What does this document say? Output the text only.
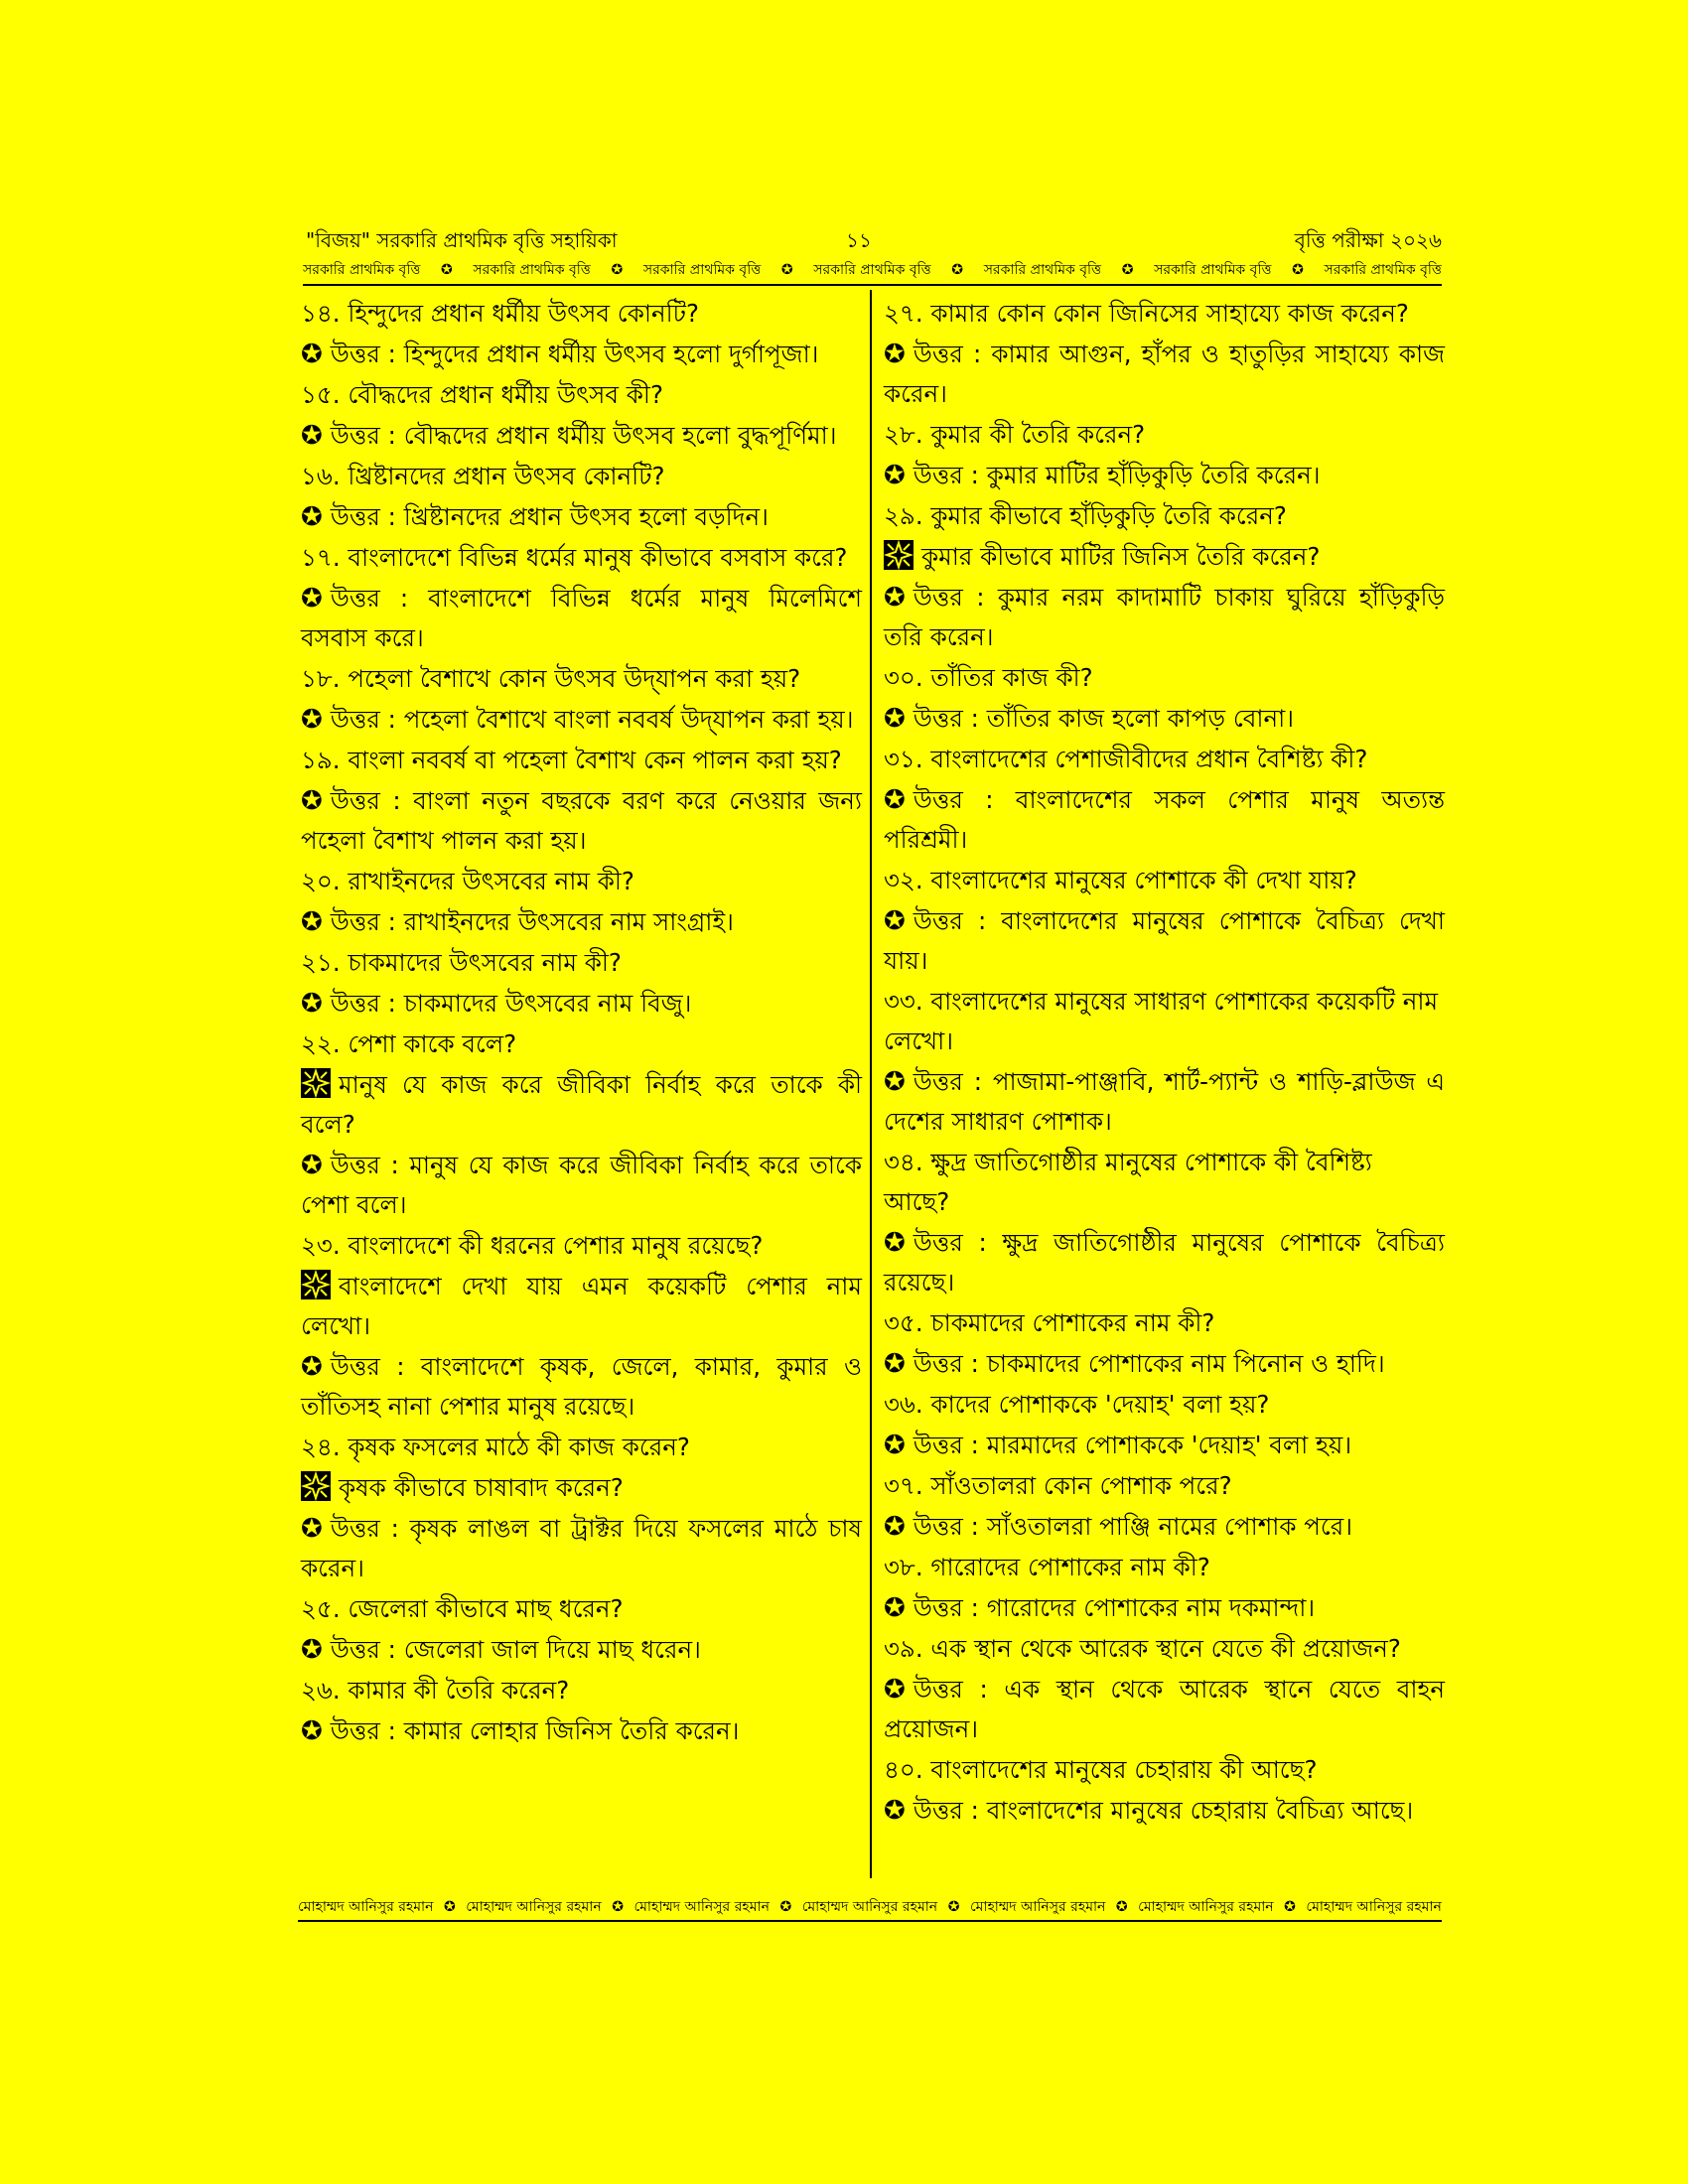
"বিজয়" সরকারি প্রাথমিক বৃত্তি সহায়িকা	১১	বৃত্তি পরীক্ষা ২০২৬
সরকারি প্রাথমিক বৃত্তি ✪ সরকারি প্রাথমিক বৃত্তি ✪ সরকারি প্রাথমিক বৃত্তি ✪ সরকারি প্রাথমিক বৃত্তি ✪ সরকারি প্রাথমিক বৃত্তি ✪ সরকারি প্রাথমিক বৃত্তি ✪ সরকারি প্রাথমিক বৃত্তি
১৪. হিন্দুদের প্রধান ধর্মীয় উৎসব কোনটি?
✪ উত্তর : হিন্দুদের প্রধান ধর্মীয় উৎসব হলো দুর্গাপূজা।
১৫. বৌদ্ধদের প্রধান ধর্মীয় উৎসব কী?
✪ উত্তর : বৌদ্ধদের প্রধান ধর্মীয় উৎসব হলো বুদ্ধপূর্ণিমা।
১৬. খ্রিষ্টানদের প্রধান উৎসব কোনটি?
✪ উত্তর : খ্রিষ্টানদের প্রধান উৎসব হলো বড়দিন।
১৭. বাংলাদেশে বিভিন্ন ধর্মের মানুষ কীভাবে বসবাস করে?
✪ উত্তর : বাংলাদেশে বিভিন্ন ধর্মের মানুষ মিলেমিশে বসবাস করে।
১৮. পহেলা বৈশাখে কোন উৎসব উদ্‌যাপন করা হয়?
✪ উত্তর : পহেলা বৈশাখে বাংলা নববর্ষ উদ্‌যাপন করা হয়।
১৯. বাংলা নববর্ষ বা পহেলা বৈশাখ কেন পালন করা হয়?
✪ উত্তর : বাংলা নতুন বছরকে বরণ করে নেওয়ার জন্য পহেলা বৈশাখ পালন করা হয়।
২০. রাখাইনদের উৎসবের নাম কী?
✪ উত্তর : রাখাইনদের উৎসবের নাম সাংগ্রাই।
২১. চাকমাদের উৎসবের নাম কী?
✪ উত্তর : চাকমাদের উৎসবের নাম বিজু।
২২. পেশা কাকে বলে?
মানুষ যে কাজ করে জীবিকা নির্বাহ করে তাকে কী বলে?
✪ উত্তর : মানুষ যে কাজ করে জীবিকা নির্বাহ করে তাকে পেশা বলে।
২৩. বাংলাদেশে কী ধরনের পেশার মানুষ রয়েছে?
বাংলাদেশে দেখা যায় এমন কয়েকটি পেশার নাম লেখো।
✪ উত্তর : বাংলাদেশে কৃষক, জেলে, কামার, কুমার ও তাঁতিসহ নানা পেশার মানুষ রয়েছে।
২৪. কৃষক ফসলের মাঠে কী কাজ করেন?
কৃষক কীভাবে চাষাবাদ করেন?
✪ উত্তর : কৃষক লাঙল বা ট্রাক্টর দিয়ে ফসলের মাঠে চাষ করেন।
২৫. জেলেরা কীভাবে মাছ ধরেন?
✪ উত্তর : জেলেরা জাল দিয়ে মাছ ধরেন।
২৬. কামার কী তৈরি করেন?
✪ উত্তর : কামার লোহার জিনিস তৈরি করেন।
২৭. কামার কোন কোন জিনিসের সাহায্যে কাজ করেন?
✪ উত্তর : কামার আগুন, হাঁপর ও হাতুড়ির সাহায্যে কাজ করেন।
২৮. কুমার কী তৈরি করেন?
✪ উত্তর : কুমার মাটির হাঁড়িকুড়ি তৈরি করেন।
২৯. কুমার কীভাবে হাঁড়িকুড়ি তৈরি করেন?
কুমার কীভাবে মাটির জিনিস তৈরি করেন?
✪ উত্তর : কুমার নরম কাদামাটি চাকায় ঘুরিয়ে হাঁড়িকুড়ি তরি করেন।
৩০. তাঁতির কাজ কী?
✪ উত্তর : তাঁতির কাজ হলো কাপড় বোনা।
৩১. বাংলাদেশের পেশাজীবীদের প্রধান বৈশিষ্ট্য কী?
✪ উত্তর : বাংলাদেশের সকল পেশার মানুষ অত্যন্ত পরিশ্রমী।
৩২. বাংলাদেশের মানুষের পোশাকে কী দেখা যায়?
✪ উত্তর : বাংলাদেশের মানুষের পোশাকে বৈচিত্র্য দেখা যায়।
৩৩. বাংলাদেশের মানুষের সাধারণ পোশাকের কয়েকটি নাম লেখো।
✪ উত্তর : পাজামা-পাঞ্জাবি, শার্ট-প্যান্ট ও শাড়ি-ব্লাউজ এ দেশের সাধারণ পোশাক।
৩৪. ক্ষুদ্র জাতিগোষ্ঠীর মানুষের পোশাকে কী বৈশিষ্ট্য আছে?
✪ উত্তর : ক্ষুদ্র জাতিগোষ্ঠীর মানুষের পোশাকে বৈচিত্র্য রয়েছে।
৩৫. চাকমাদের পোশাকের নাম কী?
✪ উত্তর : চাকমাদের পোশাকের নাম পিনোন ও হাদি।
৩৬. কাদের পোশাককে 'দেয়াহ' বলা হয়?
✪ উত্তর : মারমাদের পোশাককে 'দেয়াহ' বলা হয়।
৩৭. সাঁওতালরা কোন পোশাক পরে?
✪ উত্তর : সাঁওতালরা পাঞ্জি নামের পোশাক পরে।
৩৮. গারোদের পোশাকের নাম কী?
✪ উত্তর : গারোদের পোশাকের নাম দকমান্দা।
৩৯. এক স্থান থেকে আরেক স্থানে যেতে কী প্রয়োজন?
✪ উত্তর : এক স্থান থেকে আরেক স্থানে যেতে বাহন প্রয়োজন।
৪০. বাংলাদেশের মানুষের চেহারায় কী আছে?
✪ উত্তর : বাংলাদেশের মানুষের চেহারায় বৈচিত্র্য আছে।
মোহাম্মদ আনিসুর রহমান ✪ মোহাম্মদ আনিসুর রহমান ✪ মোহাম্মদ আনিসুর রহমান ✪ মোহাম্মদ আনিসুর রহমান ✪ মোহাম্মদ আনিসুর রহমান ✪ মোহাম্মদ আনিসুর রহমান ✪ মোহাম্মদ আনিসুর রহমান
